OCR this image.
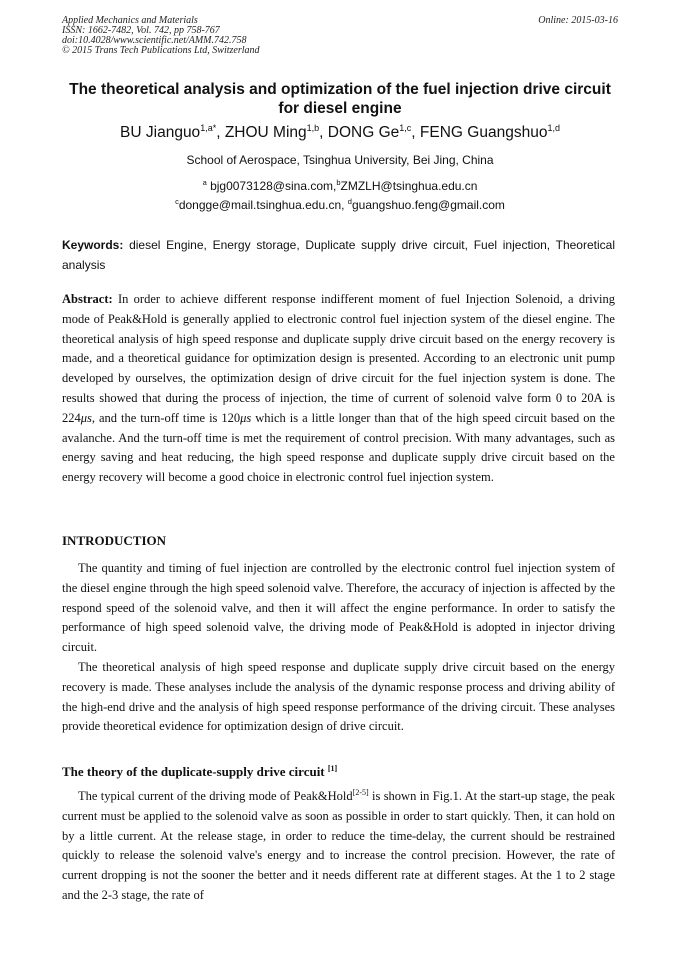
Applied Mechanics and Materials
ISSN: 1662-7482, Vol. 742, pp 758-767
doi:10.4028/www.scientific.net/AMM.742.758
© 2015 Trans Tech Publications Ltd, Switzerland
Online: 2015-03-16
The theoretical analysis and optimization of the fuel injection drive circuit for diesel engine
BU Jianguo$^{1,a*}$, ZHOU Ming$^{1,b}$, DONG Ge$^{1,c}$, FENG Guangshuo$^{1,d}$
School of Aerospace, Tsinghua University, Bei Jing, China
$^a$ bjg0073128@sina.com,$^b$ZMZLH@tsinghua.edu.cn
$^c$dongge@mail.tsinghua.edu.cn, $^d$guangshuo.feng@gmail.com
Keywords: diesel Engine, Energy storage, Duplicate supply drive circuit, Fuel injection, Theoretical analysis
Abstract: In order to achieve different response indifferent moment of fuel Injection Solenoid, a driving mode of Peak&Hold is generally applied to electronic control fuel injection system of the diesel engine. The theoretical analysis of high speed response and duplicate supply drive circuit based on the energy recovery is made, and a theoretical guidance for optimization design is presented. According to an electronic unit pump developed by ourselves, the optimization design of drive circuit for the fuel injection system is done. The results showed that during the process of injection, the time of current of solenoid valve form 0 to 20A is 224μs, and the turn-off time is 120μs which is a little longer than that of the high speed circuit based on the avalanche. And the turn-off time is met the requirement of control precision. With many advantages, such as energy saving and heat reducing, the high speed response and duplicate supply drive circuit based on the energy recovery will become a good choice in electronic control fuel injection system.
INTRODUCTION
The quantity and timing of fuel injection are controlled by the electronic control fuel injection system of the diesel engine through the high speed solenoid valve. Therefore, the accuracy of injection is affected by the respond speed of the solenoid valve, and then it will affect the engine performance. In order to satisfy the performance of high speed solenoid valve, the driving mode of Peak&Hold is adopted in injector driving circuit.
The theoretical analysis of high speed response and duplicate supply drive circuit based on the energy recovery is made. These analyses include the analysis of the dynamic response process and driving ability of the high-end drive and the analysis of high speed response performance of the driving circuit. These analyses provide theoretical evidence for optimization design of drive circuit.
The theory of the duplicate-supply drive circuit [1]
The typical current of the driving mode of Peak&Hold[2-5] is shown in Fig.1. At the start-up stage, the peak current must be applied to the solenoid valve as soon as possible in order to start quickly. Then, it can hold on by a little current. At the release stage, in order to reduce the time-delay, the current should be restrained quickly to release the solenoid valve's energy and to increase the control precision. However, the rate of current dropping is not the sooner the better and it needs different rate at different stages. At the 1 to 2 stage and the 2-3 stage, the rate of
